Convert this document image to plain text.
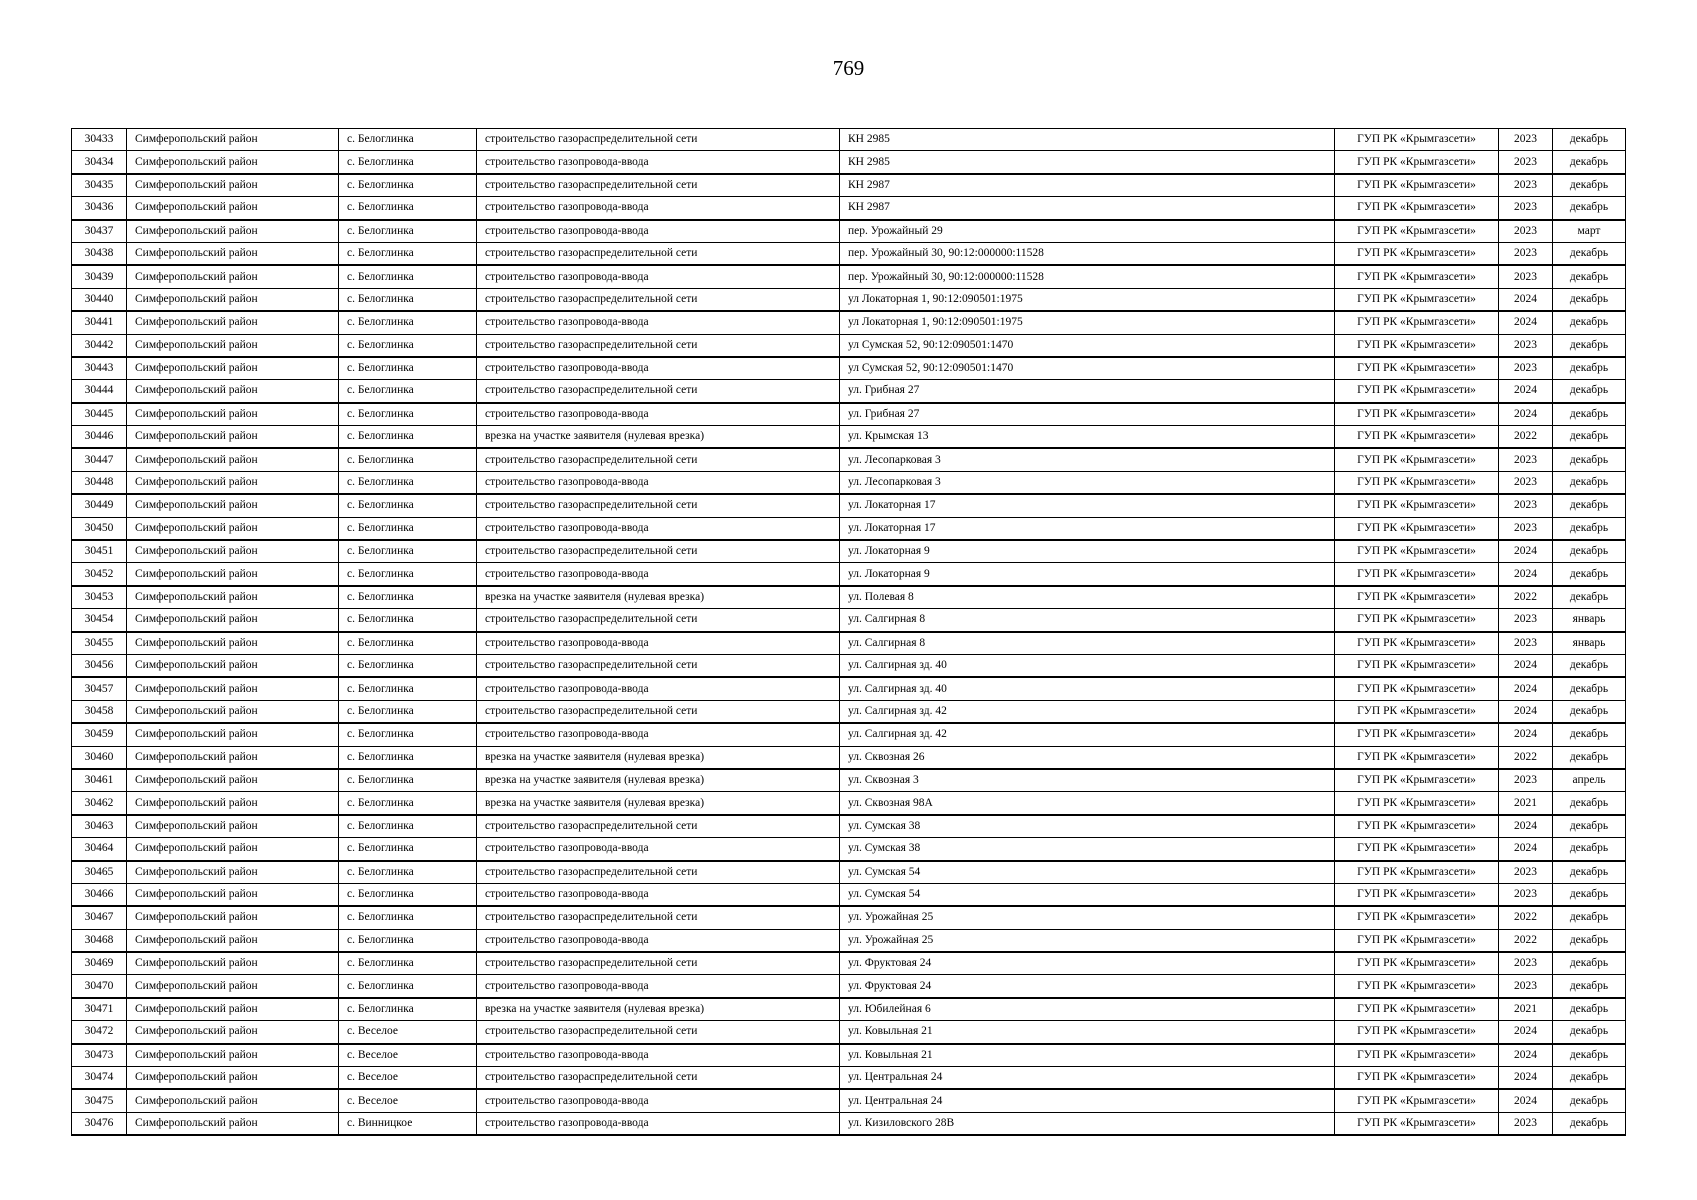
769
30433	Симферопольский район	с. Белоглинка	строительство газораспределительной сети	КН 2985	ГУП РК «Крымгазсети»	2023	декабрь
30434	Симферопольский район	с. Белоглинка	строительство газопровода-ввода	КН 2985	ГУП РК «Крымгазсети»	2023	декабрь
30435	Симферопольский район	с. Белоглинка	строительство газораспределительной сети	КН 2987	ГУП РК «Крымгазсети»	2023	декабрь
30436	Симферопольский район	с. Белоглинка	строительство газопровода-ввода	КН 2987	ГУП РК «Крымгазсети»	2023	декабрь
30437	Симферопольский район	с. Белоглинка	строительство газопровода-ввода	пер. Урожайный 29	ГУП РК «Крымгазсети»	2023	март
30438	Симферопольский район	с. Белоглинка	строительство газораспределительной сети	пер. Урожайный 30, 90:12:000000:11528	ГУП РК «Крымгазсети»	2023	декабрь
30439	Симферопольский район	с. Белоглинка	строительство газопровода-ввода	пер. Урожайный 30, 90:12:000000:11528	ГУП РК «Крымгазсети»	2023	декабрь
30440	Симферопольский район	с. Белоглинка	строительство газораспределительной сети	ул Локаторная 1, 90:12:090501:1975	ГУП РК «Крымгазсети»	2024	декабрь
30441	Симферопольский район	с. Белоглинка	строительство газопровода-ввода	ул Локаторная 1, 90:12:090501:1975	ГУП РК «Крымгазсети»	2024	декабрь
30442	Симферопольский район	с. Белоглинка	строительство газораспределительной сети	ул Сумская 52, 90:12:090501:1470	ГУП РК «Крымгазсети»	2023	декабрь
30443	Симферопольский район	с. Белоглинка	строительство газопровода-ввода	ул Сумская 52, 90:12:090501:1470	ГУП РК «Крымгазсети»	2023	декабрь
30444	Симферопольский район	с. Белоглинка	строительство газораспределительной сети	ул. Грибная 27	ГУП РК «Крымгазсети»	2024	декабрь
30445	Симферопольский район	с. Белоглинка	строительство газопровода-ввода	ул. Грибная 27	ГУП РК «Крымгазсети»	2024	декабрь
30446	Симферопольский район	с. Белоглинка	врезка на участке заявителя (нулевая врезка)	ул. Крымская 13	ГУП РК «Крымгазсети»	2022	декабрь
30447	Симферопольский район	с. Белоглинка	строительство газораспределительной сети	ул. Лесопарковая 3	ГУП РК «Крымгазсети»	2023	декабрь
30448	Симферопольский район	с. Белоглинка	строительство газопровода-ввода	ул. Лесопарковая 3	ГУП РК «Крымгазсети»	2023	декабрь
30449	Симферопольский район	с. Белоглинка	строительство газораспределительной сети	ул. Локаторная 17	ГУП РК «Крымгазсети»	2023	декабрь
30450	Симферопольский район	с. Белоглинка	строительство газопровода-ввода	ул. Локаторная 17	ГУП РК «Крымгазсети»	2023	декабрь
30451	Симферопольский район	с. Белоглинка	строительство газораспределительной сети	ул. Локаторная 9	ГУП РК «Крымгазсети»	2024	декабрь
30452	Симферопольский район	с. Белоглинка	строительство газопровода-ввода	ул. Локаторная 9	ГУП РК «Крымгазсети»	2024	декабрь
30453	Симферопольский район	с. Белоглинка	врезка на участке заявителя (нулевая врезка)	ул. Полевая 8	ГУП РК «Крымгазсети»	2022	декабрь
30454	Симферопольский район	с. Белоглинка	строительство газораспределительной сети	ул. Салгирная 8	ГУП РК «Крымгазсети»	2023	январь
30455	Симферопольский район	с. Белоглинка	строительство газопровода-ввода	ул. Салгирная 8	ГУП РК «Крымгазсети»	2023	январь
30456	Симферопольский район	с. Белоглинка	строительство газораспределительной сети	ул. Салгирная зд. 40	ГУП РК «Крымгазсети»	2024	декабрь
30457	Симферопольский район	с. Белоглинка	строительство газопровода-ввода	ул. Салгирная зд. 40	ГУП РК «Крымгазсети»	2024	декабрь
30458	Симферопольский район	с. Белоглинка	строительство газораспределительной сети	ул. Салгирная зд. 42	ГУП РК «Крымгазсети»	2024	декабрь
30459	Симферопольский район	с. Белоглинка	строительство газопровода-ввода	ул. Салгирная зд. 42	ГУП РК «Крымгазсети»	2024	декабрь
30460	Симферопольский район	с. Белоглинка	врезка на участке заявителя (нулевая врезка)	ул. Сквозная 26	ГУП РК «Крымгазсети»	2022	декабрь
30461	Симферопольский район	с. Белоглинка	врезка на участке заявителя (нулевая врезка)	ул. Сквозная 3	ГУП РК «Крымгазсети»	2023	апрель
30462	Симферопольский район	с. Белоглинка	врезка на участке заявителя (нулевая врезка)	ул. Сквозная 98А	ГУП РК «Крымгазсети»	2021	декабрь
30463	Симферопольский район	с. Белоглинка	строительство газораспределительной сети	ул. Сумская 38	ГУП РК «Крымгазсети»	2024	декабрь
30464	Симферопольский район	с. Белоглинка	строительство газопровода-ввода	ул. Сумская 38	ГУП РК «Крымгазсети»	2024	декабрь
30465	Симферопольский район	с. Белоглинка	строительство газораспределительной сети	ул. Сумская 54	ГУП РК «Крымгазсети»	2023	декабрь
30466	Симферопольский район	с. Белоглинка	строительство газопровода-ввода	ул. Сумская 54	ГУП РК «Крымгазсети»	2023	декабрь
30467	Симферопольский район	с. Белоглинка	строительство газораспределительной сети	ул. Урожайная 25	ГУП РК «Крымгазсети»	2022	декабрь
30468	Симферопольский район	с. Белоглинка	строительство газопровода-ввода	ул. Урожайная 25	ГУП РК «Крымгазсети»	2022	декабрь
30469	Симферопольский район	с. Белоглинка	строительство газораспределительной сети	ул. Фруктовая 24	ГУП РК «Крымгазсети»	2023	декабрь
30470	Симферопольский район	с. Белоглинка	строительство газопровода-ввода	ул. Фруктовая 24	ГУП РК «Крымгазсети»	2023	декабрь
30471	Симферопольский район	с. Белоглинка	врезка на участке заявителя (нулевая врезка)	ул. Юбилейная 6	ГУП РК «Крымгазсети»	2021	декабрь
30472	Симферопольский район	с. Веселое	строительство газораспределительной сети	ул. Ковыльная 21	ГУП РК «Крымгазсети»	2024	декабрь
30473	Симферопольский район	с. Веселое	строительство газопровода-ввода	ул. Ковыльная 21	ГУП РК «Крымгазсети»	2024	декабрь
30474	Симферопольский район	с. Веселое	строительство газораспределительной сети	ул. Центральная 24	ГУП РК «Крымгазсети»	2024	декабрь
30475	Симферопольский район	с. Веселое	строительство газопровода-ввода	ул. Центральная 24	ГУП РК «Крымгазсети»	2024	декабрь
30476	Симферопольский район	с. Винницкое	строительство газопровода-ввода	ул. Кизиловского 28В	ГУП РК «Крымгазсети»	2023	декабрь
